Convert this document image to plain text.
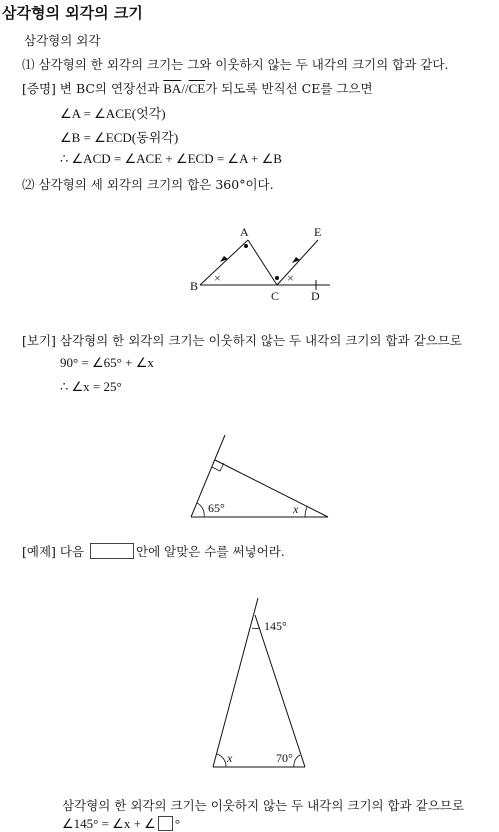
삼각형의 외각의 크기
삼각형의 외각
⑴ 삼각형의 한 외각의 크기는 그와 이웃하지 않는 두 내각의 크기의 합과 같다.
[증명] 변 BC의 연장선과 $\overline{BA}//\overline{CE}$가 되도록 반직선 CE를 그으면
∠A = ∠ACE(엇각)
∠B = ∠ECD(동위각)
∴ ∠ACD = ∠ACE + ∠ECD = ∠A + ∠B
⑵ 삼각형의 세 외각의 크기의 합은 360°이다.
A	E
B
C	D
×	×
[보기] 삼각형의 한 외각의 크기는 이웃하지 않는 두 내각의 크기의 합과 같으므로
90° = ∠65° + ∠x
∴ ∠x = 25°
65°	x
[예제] 다음	안에 알맞은 수를 써넣어라.
145°
x	70°
삼각형의 한 외각의 크기는 이웃하지 않는 두 내각의 크기의 합과 같으므로
∠145° = ∠x + ∠ °
